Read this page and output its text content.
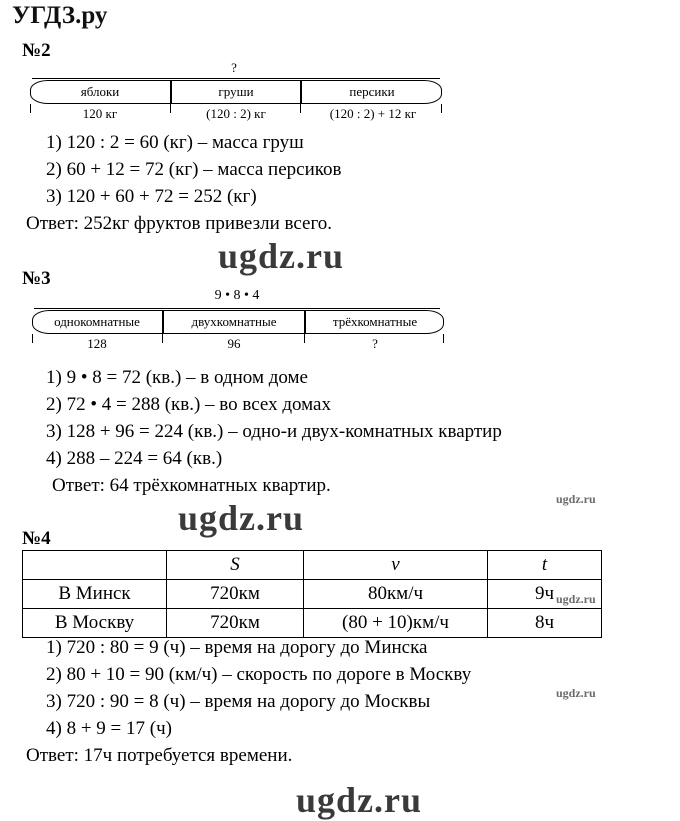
УГДЗ.ру
№2
?
яблоки	груши	персики
120 кг	(120 : 2) кг	(120 : 2) + 12 кг
1) 120 : 2 = 60 (кг) – масса груш
2) 60 + 12 = 72 (кг) – масса персиков
3) 120 + 60 + 72 = 252 (кг)
Ответ: 252кг фруктов привезли всего.
ugdz.ru
№3
9 • 8 • 4
однокомнатные	двухкомнатные	трёхкомнатные
128	96	?
1) 9 • 8 = 72 (кв.) – в одном доме
2) 72 • 4 = 288 (кв.) – во всех домах
3) 128 + 96 = 224 (кв.) – одно-и двух-комнатных квартир
4) 288 – 224 = 64 (кв.)
Ответ: 64 трёхкомнатных квартир.
ugdz.ru
ugdz.ru
№4
	S	v	t
В Минск	720км	80км/ч	9ч
В Москву	720км	(80 + 10)км/ч	8ч
ugdz.ru
1) 720 : 80 = 9 (ч) – время на дорогу до Минска
2) 80 + 10 = 90 (км/ч) – скорость по дороге в Москву
3) 720 : 90 = 8 (ч) – время на дорогу до Москвы	ugdz.ru
4) 8 + 9 = 17 (ч)
Ответ: 17ч потребуется времени.
ugdz.ru
